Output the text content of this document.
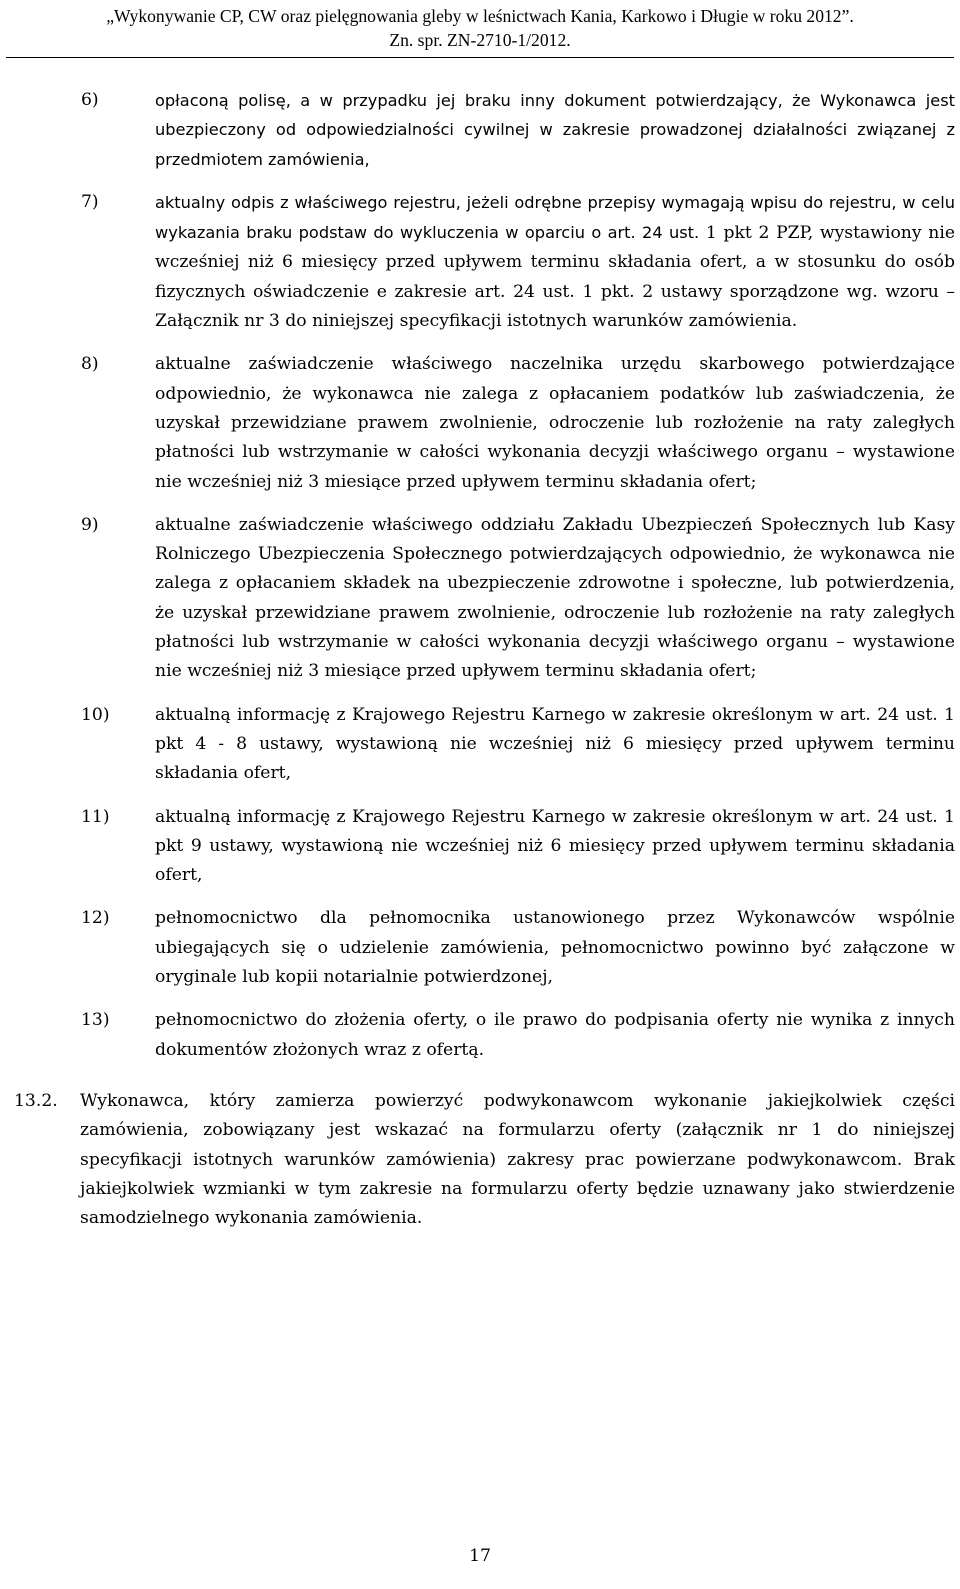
„Wykonywanie CP, CW oraz pielęgnowania gleby w leśnictwach Kania, Karkowo i Długie w roku 2012”.
Zn. spr. ZN-2710-1/2012.
6)	opłaconą polisę, a w przypadku jej braku inny dokument potwierdzający, że Wykonawca jest ubezpieczony od odpowiedzialności cywilnej w zakresie prowadzonej działalności związanej z przedmiotem zamówienia,
7)	aktualny odpis z właściwego rejestru, jeżeli odrębne przepisy wymagają wpisu do rejestru, w celu wykazania braku podstaw do wykluczenia w oparciu o art. 24 ust. 1 pkt 2 PZP, wystawiony nie wcześniej niż 6 miesięcy przed upływem terminu składania ofert, a w stosunku do osób fizycznych oświadczenie e zakresie art. 24 ust. 1 pkt. 2 ustawy sporządzone wg. wzoru – Załącznik nr 3 do niniejszej specyfikacji istotnych warunków zamówienia.
8)	aktualne zaświadczenie właściwego naczelnika urzędu skarbowego potwierdzające odpowiednio, że wykonawca nie zalega z opłacaniem podatków lub zaświadczenia, że uzyskał przewidziane prawem zwolnienie, odroczenie lub rozłożenie na raty zaległych płatności lub wstrzymanie w całości wykonania decyzji właściwego organu – wystawione nie wcześniej niż 3 miesiące przed upływem terminu składania ofert;
9)	aktualne zaświadczenie właściwego oddziału Zakładu Ubezpieczeń Społecznych lub Kasy Rolniczego Ubezpieczenia Społecznego potwierdzających odpowiednio, że wykonawca nie zalega z opłacaniem składek na ubezpieczenie zdrowotne i społeczne, lub potwierdzenia, że uzyskał przewidziane prawem zwolnienie, odroczenie lub rozłożenie na raty zaległych płatności lub wstrzymanie w całości wykonania decyzji właściwego organu – wystawione nie wcześniej niż 3 miesiące przed upływem terminu składania ofert;
10)	aktualną informację z Krajowego Rejestru Karnego w zakresie określonym w art. 24 ust. 1 pkt 4 - 8 ustawy, wystawioną nie wcześniej niż 6 miesięcy przed upływem terminu składania ofert,
11)	aktualną informację z Krajowego Rejestru Karnego w zakresie określonym w art. 24 ust. 1 pkt 9 ustawy, wystawioną nie wcześniej niż 6 miesięcy przed upływem terminu składania ofert,
12)	pełnomocnictwo dla pełnomocnika ustanowionego przez Wykonawców wspólnie ubiegających się o udzielenie zamówienia, pełnomocnictwo powinno być załączone w oryginale lub kopii notarialnie potwierdzonej,
13)	pełnomocnictwo do złożenia oferty, o ile prawo do podpisania oferty nie wynika z innych dokumentów złożonych wraz z ofertą.
13.2. Wykonawca, który zamierza powierzyć podwykonawcom wykonanie jakiejkolwiek części zamówienia, zobowiązany jest wskazać na formularzu oferty (załącznik nr 1 do niniejszej specyfikacji istotnych warunków zamówienia) zakresy prac powierzane podwykonawcom. Brak jakiejkolwiek wzmianki w tym zakresie na formularzu oferty będzie uznawany jako stwierdzenie samodzielnego wykonania zamówienia.
17
